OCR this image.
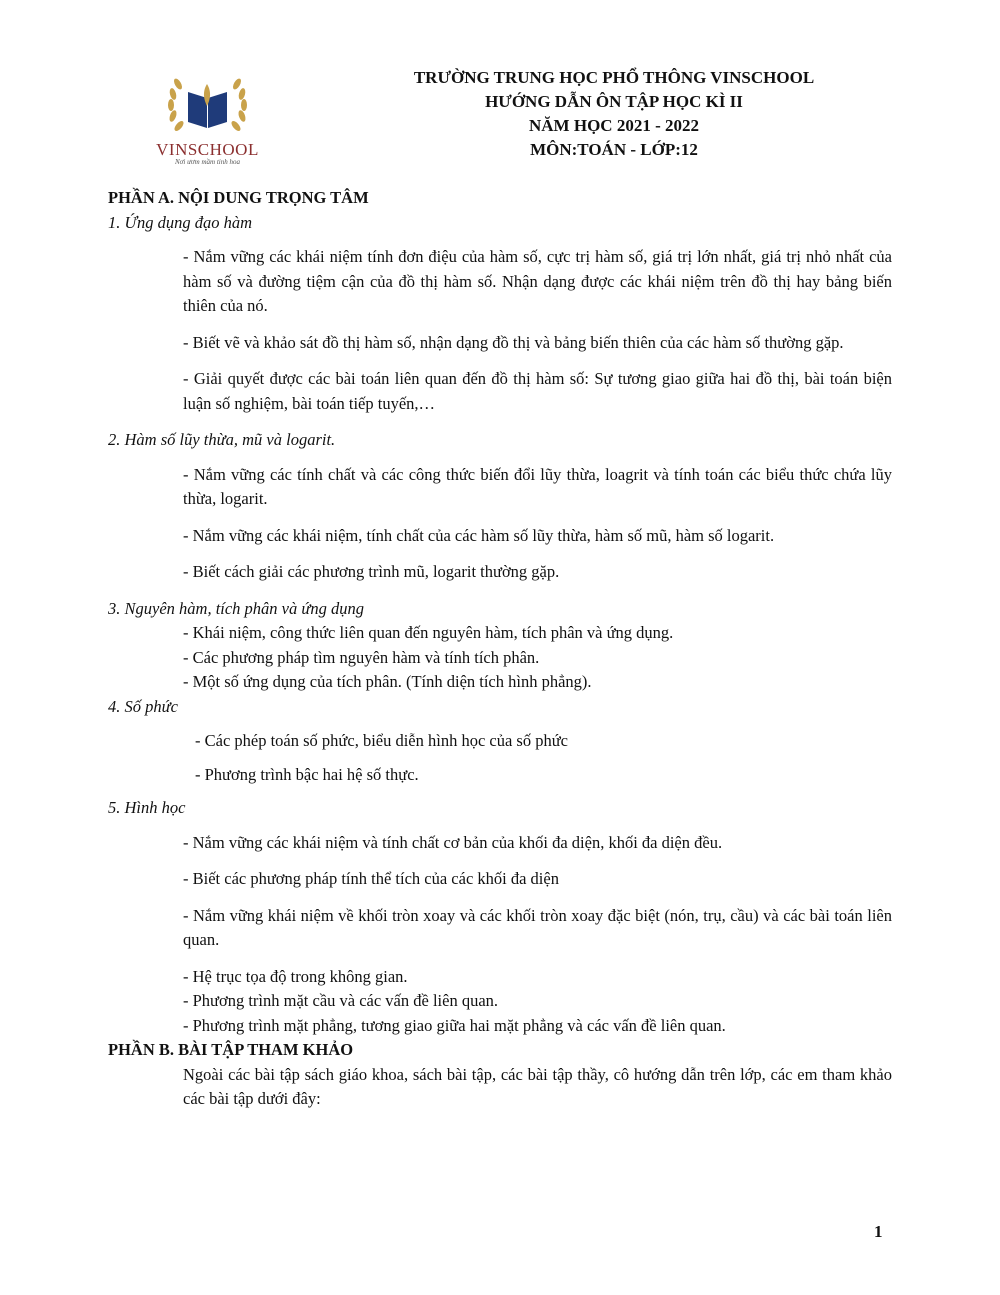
VINSCHOOL
Nơi ươm mầm tinh hoa
TRƯỜNG TRUNG HỌC PHỔ THÔNG VINSCHOOL
HƯỚNG DẪN ÔN TẬP HỌC KÌ II
NĂM HỌC 2021 - 2022
MÔN:TOÁN - LỚP:12

PHẦN A. NỘI DUNG TRỌNG TÂM

1. Ứng dụng đạo hàm

- Nắm vững các khái niệm tính đơn điệu của hàm số, cực trị hàm số, giá trị lớn nhất, giá trị nhỏ nhất của hàm số và đường tiệm cận của đồ thị hàm số. Nhận dạng được các khái niệm trên đồ thị hay bảng biến thiên của nó.

- Biết vẽ và khảo sát đồ thị hàm số, nhận dạng đồ thị và bảng biến thiên của các hàm số thường gặp.

- Giải quyết được các bài toán liên quan đến đồ thị hàm số: Sự tương giao giữa hai đồ thị, bài toán biện luận số nghiệm, bài toán tiếp tuyến,…

2. Hàm số lũy thừa, mũ và logarit.

- Nắm vững các tính chất và các công thức biến đổi lũy thừa, loagrit và tính toán các biểu thức chứa lũy thừa, logarit.

- Nắm vững các khái niệm, tính chất của các hàm số lũy thừa, hàm số mũ, hàm số logarit.

- Biết cách giải các phương trình mũ, logarit thường gặp.

3. Nguyên hàm, tích phân và ứng dụng

- Khái niệm, công thức liên quan đến nguyên hàm, tích phân và ứng dụng.

- Các phương pháp tìm nguyên hàm và tính tích phân.

- Một số ứng dụng của tích phân. (Tính diện tích hình phẳng).

4. Số phức

- Các phép toán số phức, biểu diễn hình học của số phức

- Phương trình bậc hai hệ số thực.

5. Hình học

- Nắm vững các khái niệm và tính chất cơ bản của khối đa diện, khối đa diện đều.

- Biết các phương pháp tính thể tích của các khối đa diện

- Nắm vững khái niệm về khối tròn xoay và các khối tròn xoay đặc biệt (nón, trụ, cầu) và các bài toán liên quan.

- Hệ trục tọa độ trong không gian.

- Phương trình mặt cầu và các vấn đề liên quan.

- Phương trình mặt phẳng, tương giao giữa hai mặt phẳng và các vấn đề liên quan.

PHẦN B. BÀI TẬP THAM KHẢO

Ngoài các bài tập sách giáo khoa, sách bài tập, các bài tập thầy, cô hướng dẫn trên lớp, các em tham khảo các bài tập dưới đây:

1
